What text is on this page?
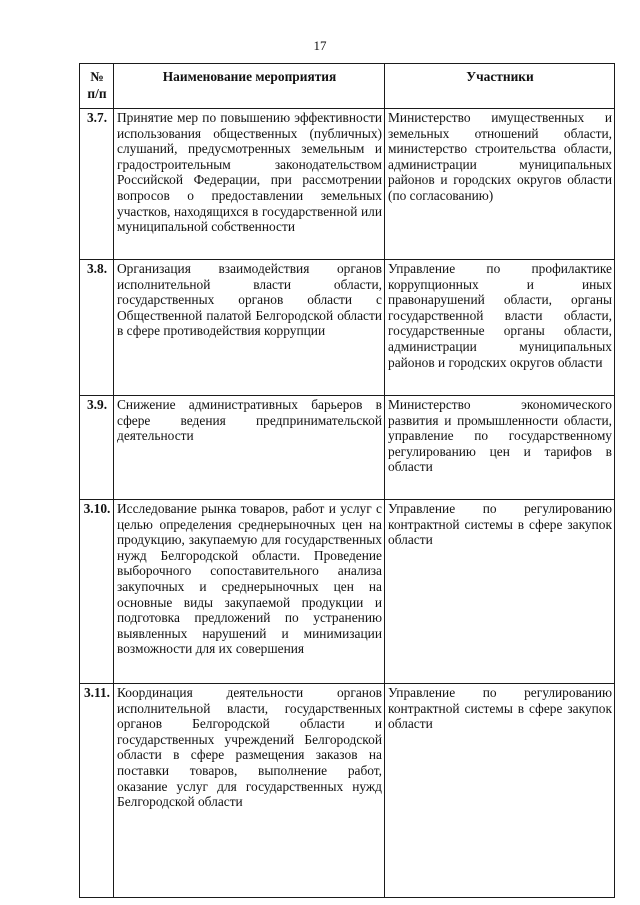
17
№ п/п	Наименование мероприятия	Участники
3.7.	Принятие мер по повышению эффективности использования общественных (публичных) слушаний, предусмотренных земельным и градостроительным законодательством Российской Федерации, при рассмотрении вопросов о предоставлении земельных участков, находящихся в государственной или муниципальной собственности	Министерство имущественных и земельных отношений области, министерство строительства области, администрации муниципальных районов и городских округов области (по согласованию)
3.8.	Организация взаимодействия органов исполнительной власти области, государственных органов области с Общественной палатой Белгородской области в сфере противодействия коррупции	Управление по профилактике коррупционных и иных правонарушений области, органы государственной власти области, государственные органы области, администрации муниципальных районов и городских округов области
3.9.	Снижение административных барьеров в сфере ведения предпринимательской деятельности	Министерство экономического развития и промышленности области, управление по государственному регулированию цен и тарифов в области
3.10.	Исследование рынка товаров, работ и услуг с целью определения среднерыночных цен на продукцию, закупаемую для государственных нужд Белгородской области. Проведение выборочного сопоставительного анализа закупочных и среднерыночных цен на основные виды закупаемой продукции и подготовка предложений по устранению выявленных нарушений и минимизации возможности для их совершения	Управление по регулированию контрактной системы в сфере закупок области
3.11.	Координация деятельности органов исполнительной власти, государственных органов Белгородской области и государственных учреждений Белгородской области в сфере размещения заказов на поставки товаров, выполнение работ, оказание услуг для государственных нужд Белгородской области	Управление по регулированию контрактной системы в сфере закупок области
